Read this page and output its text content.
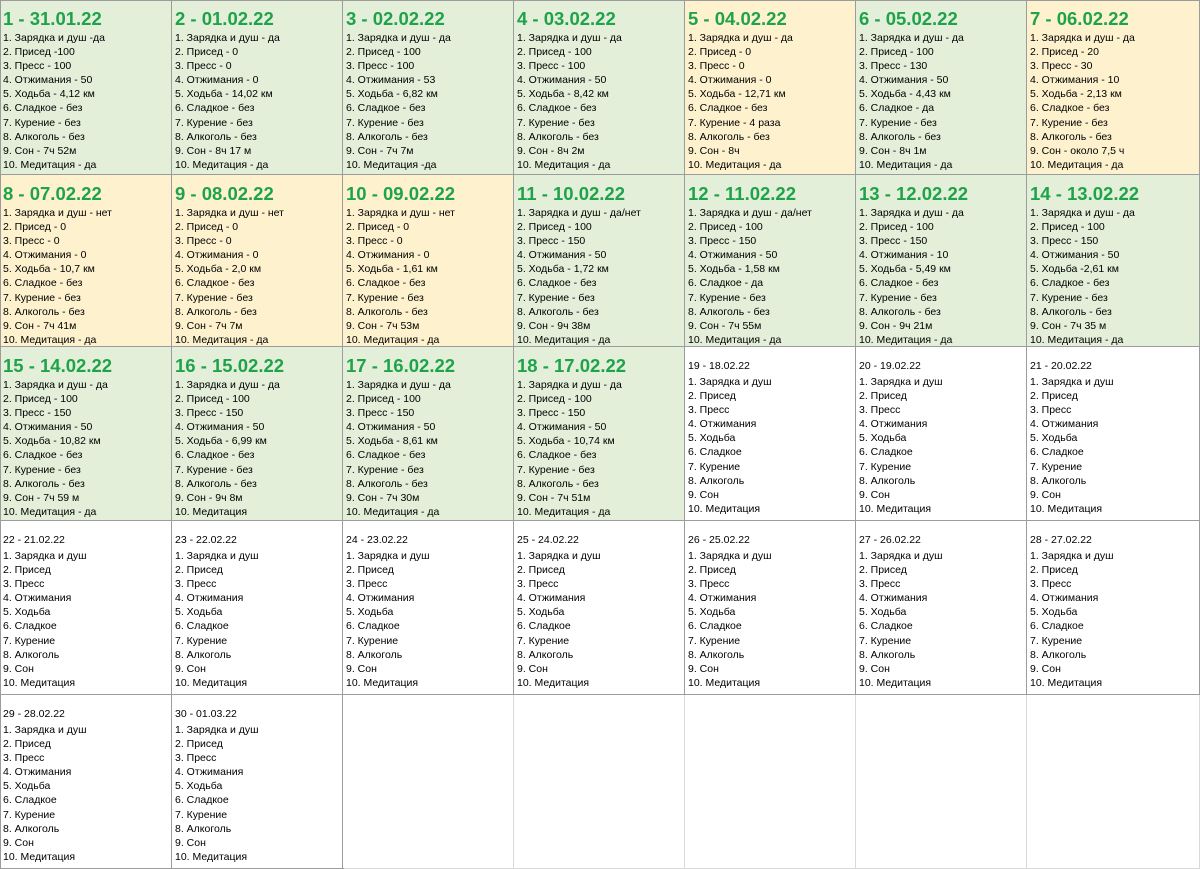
1 - 31.01.22
1. Зарядка и душ -да
2. Присед -100
3. Пресс - 100
4. Отжимания - 50
5. Ходьба - 4,12 км
6. Сладкое - без
7. Курение - без
8. Алкоголь - без
9. Сон - 7ч 52м
10. Медитация - да
2 - 01.02.22
1. Зарядка и душ - да
2. Присед - 0
3. Пресс - 0
4. Отжимания - 0
5. Ходьба - 14,02 км
6. Сладкое - без
7. Курение - без
8. Алкоголь - без
9. Сон - 8ч 17 м
10. Медитация - да
3 - 02.02.22
1. Зарядка и душ - да
2. Присед - 100
3. Пресс - 100
4. Отжимания - 53
5. Ходьба - 6,82 км
6. Сладкое - без
7. Курение - без
8. Алкоголь - без
9. Сон - 7ч 7м
10. Медитация -да
4 - 03.02.22
1. Зарядка и душ - да
2. Присед - 100
3. Пресс - 100
4. Отжимания - 50
5. Ходьба - 8,42 км
6. Сладкое - без
7. Курение - без
8. Алкоголь - без
9. Сон - 8ч 2м
10. Медитация - да
5 - 04.02.22
1. Зарядка и душ - да
2. Присед - 0
3. Пресс - 0
4. Отжимания - 0
5. Ходьба - 12,71 км
6. Сладкое - без
7. Курение - 4 раза
8. Алкоголь - без
9. Сон - 8ч
10. Медитация - да
6 - 05.02.22
1. Зарядка и душ - да
2. Присед - 100
3. Пресс - 130
4. Отжимания - 50
5. Ходьба - 4,43 км
6. Сладкое - да
7. Курение - без
8. Алкоголь - без
9. Сон - 8ч 1м
10. Медитация - да
7 - 06.02.22
1. Зарядка и душ - да
2. Присед - 20
3. Пресс - 30
4. Отжимания - 10
5. Ходьба - 2,13 км
6. Сладкое - без
7. Курение - без
8. Алкоголь - без
9. Сон - около 7,5 ч
10. Медитация - да
8 - 07.02.22
1. Зарядка и душ - нет
2. Присед - 0
3. Пресс - 0
4. Отжимания - 0
5. Ходьба - 10,7 км
6. Сладкое - без
7. Курение - без
8. Алкоголь - без
9. Сон - 7ч 41м
10. Медитация - да
9 - 08.02.22
1. Зарядка и душ - нет
2. Присед - 0
3. Пресс - 0
4. Отжимания - 0
5. Ходьба - 2,0 км
6. Сладкое - без
7. Курение - без
8. Алкоголь - без
9. Сон - 7ч 7м
10. Медитация - да
10 - 09.02.22
1. Зарядка и душ - нет
2. Присед - 0
3. Пресс - 0
4. Отжимания - 0
5. Ходьба - 1,61 км
6. Сладкое - без
7. Курение - без
8. Алкоголь - без
9. Сон - 7ч 53м
10. Медитация - да
11 - 10.02.22
1. Зарядка и душ - да/нет
2. Присед - 100
3. Пресс - 150
4. Отжимания - 50
5. Ходьба - 1,72 км
6. Сладкое - без
7. Курение - без
8. Алкоголь - без
9. Сон - 9ч 38м
10. Медитация - да
12 - 11.02.22
1. Зарядка и душ - да/нет
2. Присед - 100
3. Пресс - 150
4. Отжимания - 50
5. Ходьба - 1,58 км
6. Сладкое - да
7. Курение - без
8. Алкоголь - без
9. Сон - 7ч 55м
10. Медитация - да
13 - 12.02.22
1. Зарядка и душ - да
2. Присед - 100
3. Пресс - 150
4. Отжимания - 10
5. Ходьба - 5,49 км
6. Сладкое - без
7. Курение - без
8. Алкоголь - без
9. Сон - 9ч 21м
10. Медитация - да
14 - 13.02.22
1. Зарядка и душ - да
2. Присед - 100
3. Пресс - 150
4. Отжимания - 50
5. Ходьба -2,61 км
6. Сладкое - без
7. Курение - без
8. Алкоголь - без
9. Сон - 7ч 35 м
10. Медитация - да
15 - 14.02.22
1. Зарядка и душ - да
2. Присед - 100
3. Пресс - 150
4. Отжимания - 50
5. Ходьба - 10,82 км
6. Сладкое - без
7. Курение - без
8. Алкоголь - без
9. Сон - 7ч 59 м
10. Медитация - да
16 - 15.02.22
1. Зарядка и душ - да
2. Присед - 100
3. Пресс - 150
4. Отжимания - 50
5. Ходьба - 6,99 км
6. Сладкое - без
7. Курение - без
8. Алкоголь - без
9. Сон - 9ч 8м
10. Медитация
17 - 16.02.22
1. Зарядка и душ - да
2. Присед - 100
3. Пресс - 150
4. Отжимания - 50
5. Ходьба - 8,61 км
6. Сладкое - без
7. Курение - без
8. Алкоголь - без
9. Сон - 7ч 30м
10. Медитация - да
18 - 17.02.22
1. Зарядка и душ - да
2. Присед - 100
3. Пресс - 150
4. Отжимания - 50
5. Ходьба - 10,74 км
6. Сладкое - без
7. Курение - без
8. Алкоголь - без
9. Сон - 7ч 51м
10. Медитация - да
19 - 18.02.22
1. Зарядка и душ
2. Присед
3. Пресс
4. Отжимания
5. Ходьба
6. Сладкое
7. Курение
8. Алкоголь
9. Сон
10. Медитация
20 - 19.02.22
1. Зарядка и душ
2. Присед
3. Пресс
4. Отжимания
5. Ходьба
6. Сладкое
7. Курение
8. Алкоголь
9. Сон
10. Медитация
21 - 20.02.22
1. Зарядка и душ
2. Присед
3. Пресс
4. Отжимания
5. Ходьба
6. Сладкое
7. Курение
8. Алкоголь
9. Сон
10. Медитация
22 - 21.02.22
1. Зарядка и душ
2. Присед
3. Пресс
4. Отжимания
5. Ходьба
6. Сладкое
7. Курение
8. Алкоголь
9. Сон
10. Медитация
23 - 22.02.22
1. Зарядка и душ
2. Присед
3. Пресс
4. Отжимания
5. Ходьба
6. Сладкое
7. Курение
8. Алкоголь
9. Сон
10. Медитация
24 - 23.02.22
1. Зарядка и душ
2. Присед
3. Пресс
4. Отжимания
5. Ходьба
6. Сладкое
7. Курение
8. Алкоголь
9. Сон
10. Медитация
25 - 24.02.22
1. Зарядка и душ
2. Присед
3. Пресс
4. Отжимания
5. Ходьба
6. Сладкое
7. Курение
8. Алкоголь
9. Сон
10. Медитация
26 - 25.02.22
1. Зарядка и душ
2. Присед
3. Пресс
4. Отжимания
5. Ходьба
6. Сладкое
7. Курение
8. Алкоголь
9. Сон
10. Медитация
27 - 26.02.22
1. Зарядка и душ
2. Присед
3. Пресс
4. Отжимания
5. Ходьба
6. Сладкое
7. Курение
8. Алкоголь
9. Сон
10. Медитация
28 - 27.02.22
1. Зарядка и душ
2. Присед
3. Пресс
4. Отжимания
5. Ходьба
6. Сладкое
7. Курение
8. Алкоголь
9. Сон
10. Медитация
29 - 28.02.22
1. Зарядка и душ
2. Присед
3. Пресс
4. Отжимания
5. Ходьба
6. Сладкое
7. Курение
8. Алкоголь
9. Сон
10. Медитация
30 - 01.03.22
1. Зарядка и душ
2. Присед
3. Пресс
4. Отжимания
5. Ходьба
6. Сладкое
7. Курение
8. Алкоголь
9. Сон
10. Медитация
